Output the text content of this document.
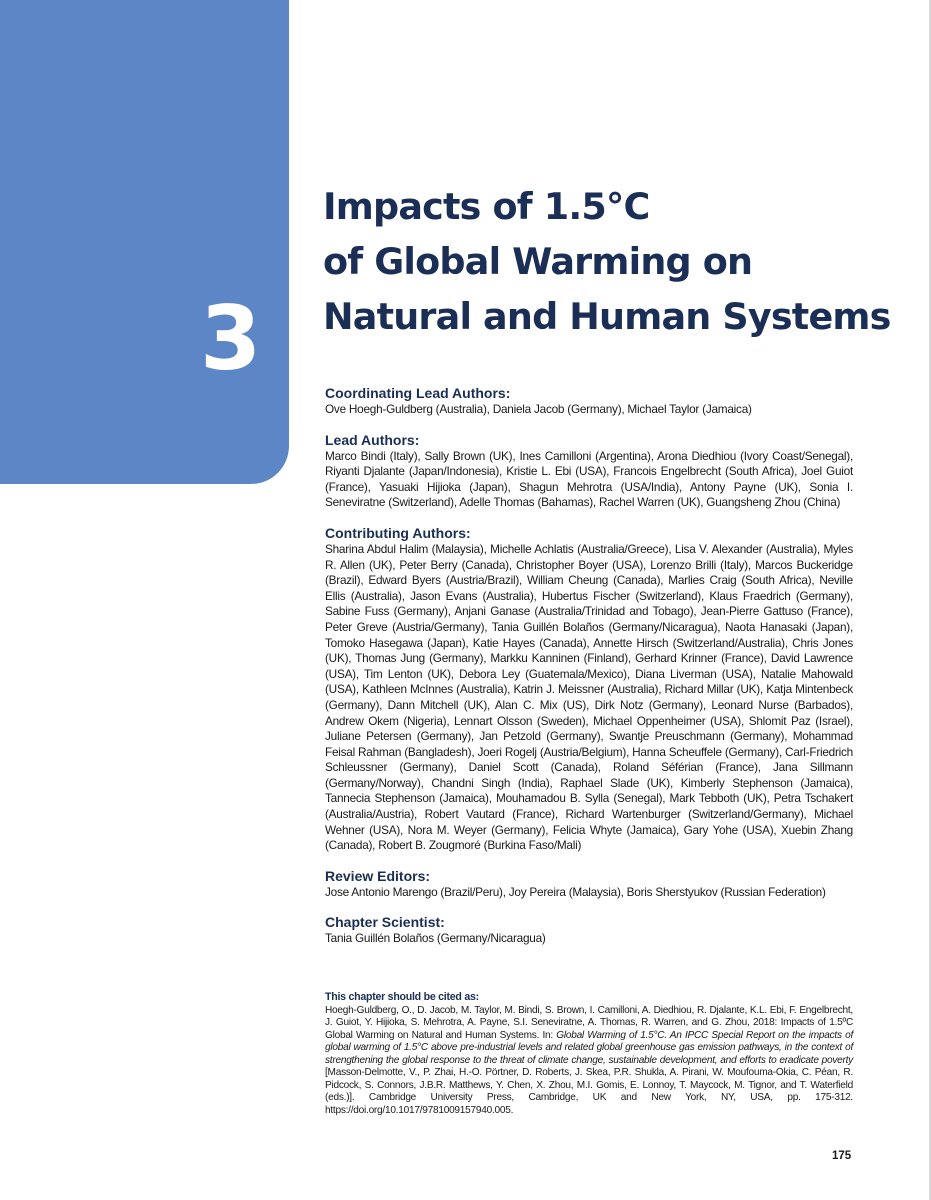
3
Impacts of 1.5°C
of Global Warming on
Natural and Human Systems
Coordinating Lead Authors:
Ove Hoegh-Guldberg (Australia), Daniela Jacob (Germany), Michael Taylor (Jamaica)
Lead Authors:
Marco Bindi (Italy), Sally Brown (UK), Ines Camilloni (Argentina), Arona Diedhiou (Ivory Coast/Senegal), Riyanti Djalante (Japan/Indonesia), Kristie L. Ebi (USA), Francois Engelbrecht (South Africa), Joel Guiot (France), Yasuaki Hijioka (Japan), Shagun Mehrotra (USA/India), Antony Payne (UK), Sonia I. Seneviratne (Switzerland), Adelle Thomas (Bahamas), Rachel Warren (UK), Guangsheng Zhou (China)
Contributing Authors:
Sharina Abdul Halim (Malaysia), Michelle Achlatis (Australia/Greece), Lisa V. Alexander (Australia), Myles R. Allen (UK), Peter Berry (Canada), Christopher Boyer (USA), Lorenzo Brilli (Italy), Marcos Buckeridge (Brazil), Edward Byers (Austria/Brazil), William Cheung (Canada), Marlies Craig (South Africa), Neville Ellis (Australia), Jason Evans (Australia), Hubertus Fischer (Switzerland), Klaus Fraedrich (Germany), Sabine Fuss (Germany), Anjani Ganase (Australia/Trinidad and Tobago), Jean-Pierre Gattuso (France), Peter Greve (Austria/Germany), Tania Guillén Bolaños (Germany/Nicaragua), Naota Hanasaki (Japan), Tomoko Hasegawa (Japan), Katie Hayes (Canada), Annette Hirsch (Switzerland/Australia), Chris Jones (UK), Thomas Jung (Germany), Markku Kanninen (Finland), Gerhard Krinner (France), David Lawrence (USA), Tim Lenton (UK), Debora Ley (Guatemala/Mexico), Diana Liverman (USA), Natalie Mahowald (USA), Kathleen McInnes (Australia), Katrin J. Meissner (Australia), Richard Millar (UK), Katja Mintenbeck (Germany), Dann Mitchell (UK), Alan C. Mix (US), Dirk Notz (Germany), Leonard Nurse (Barbados), Andrew Okem (Nigeria), Lennart Olsson (Sweden), Michael Oppenheimer (USA), Shlomit Paz (Israel), Juliane Petersen (Germany), Jan Petzold (Germany), Swantje Preuschmann (Germany), Mohammad Feisal Rahman (Bangladesh), Joeri Rogelj (Austria/Belgium), Hanna Scheuffele (Germany), Carl-Friedrich Schleussner (Germany), Daniel Scott (Canada), Roland Séférian (France), Jana Sillmann (Germany/Norway), Chandni Singh (India), Raphael Slade (UK), Kimberly Stephenson (Jamaica), Tannecia Stephenson (Jamaica), Mouhamadou B. Sylla (Senegal), Mark Tebboth (UK), Petra Tschakert (Australia/Austria), Robert Vautard (France), Richard Wartenburger (Switzerland/Germany), Michael Wehner (USA), Nora M. Weyer (Germany), Felicia Whyte (Jamaica), Gary Yohe (USA), Xuebin Zhang (Canada), Robert B. Zougmoré (Burkina Faso/Mali)
Review Editors:
Jose Antonio Marengo (Brazil/Peru), Joy Pereira (Malaysia), Boris Sherstyukov (Russian Federation)
Chapter Scientist:
Tania Guillén Bolaños (Germany/Nicaragua)
This chapter should be cited as:
Hoegh-Guldberg, O., D. Jacob, M. Taylor, M. Bindi, S. Brown, I. Camilloni, A. Diedhiou, R. Djalante, K.L. Ebi, F. Engelbrecht, J. Guiot, Y. Hijioka, S. Mehrotra, A. Payne, S.I. Seneviratne, A. Thomas, R. Warren, and G. Zhou, 2018: Impacts of 1.5ºC Global Warming on Natural and Human Systems. In: Global Warming of 1.5°C. An IPCC Special Report on the impacts of global warming of 1.5°C above pre-industrial levels and related global greenhouse gas emission pathways, in the context of strengthening the global response to the threat of climate change, sustainable development, and efforts to eradicate poverty [Masson-Delmotte, V., P. Zhai, H.-O. Pörtner, D. Roberts, J. Skea, P.R. Shukla, A. Pirani, W. Moufouma-Okia, C. Péan, R. Pidcock, S. Connors, J.B.R. Matthews, Y. Chen, X. Zhou, M.I. Gomis, E. Lonnoy, T. Maycock, M. Tignor, and T. Waterfield (eds.)]. Cambridge University Press, Cambridge, UK and New York, NY, USA, pp. 175-312. https://doi.org/10.1017/9781009157940.005.
175
